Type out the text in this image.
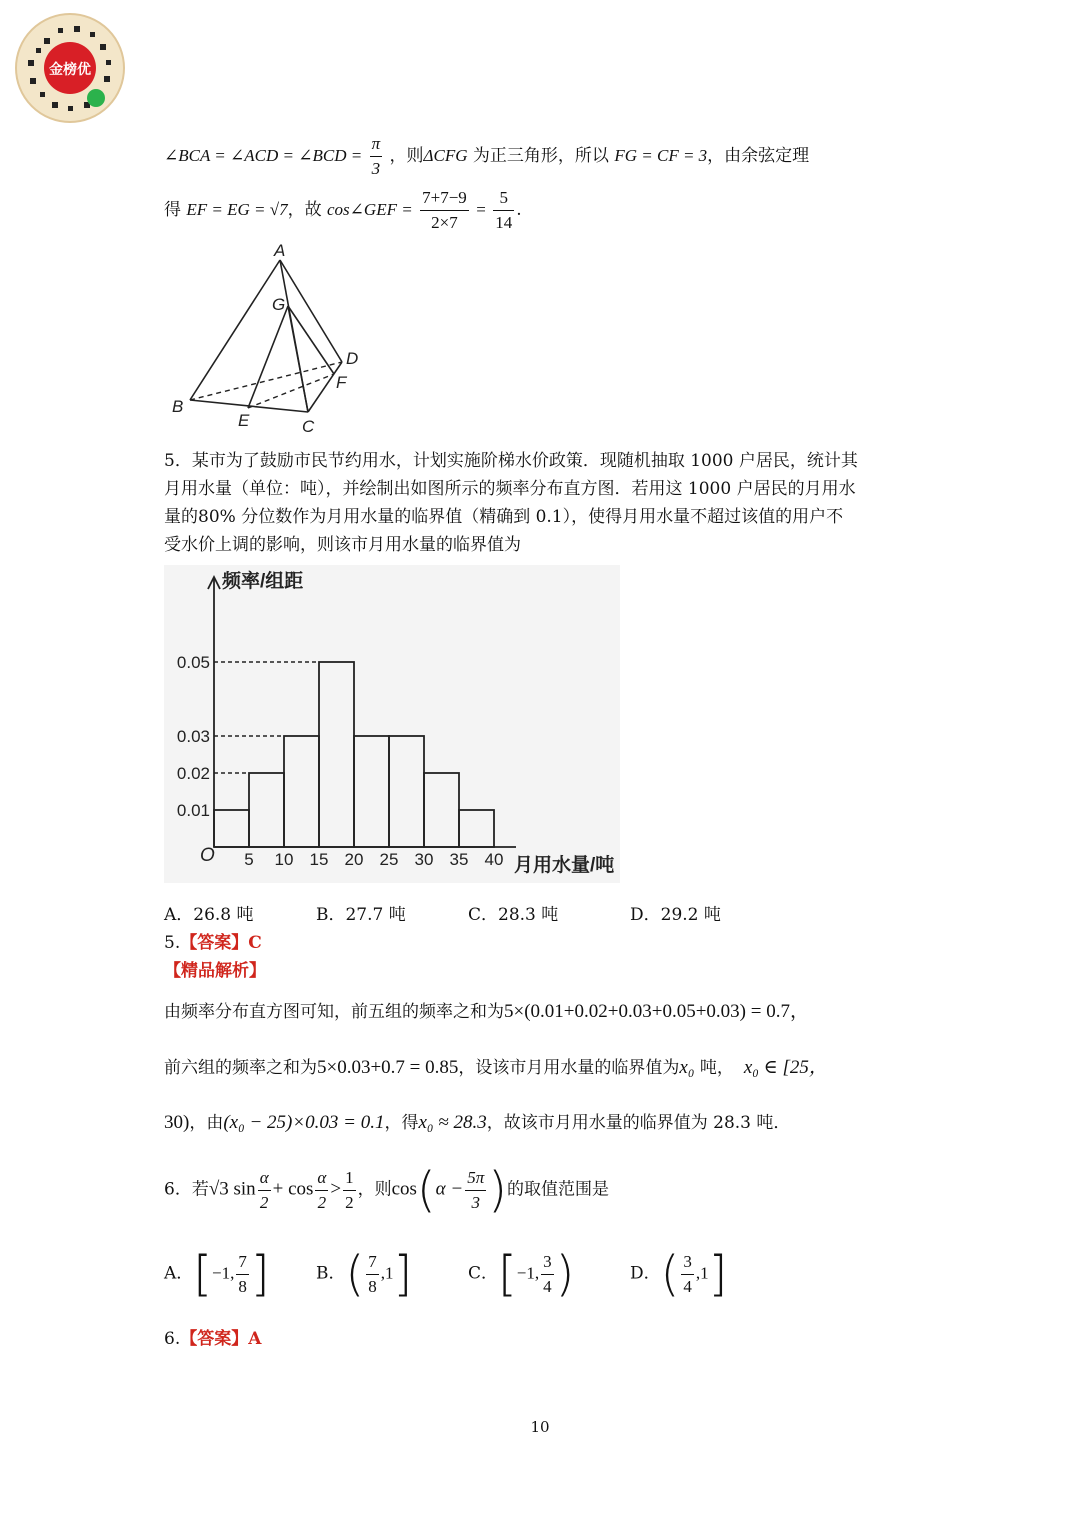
金榜优
∠BCA = ∠ACD = ∠BCD = $\frac{\pi}{3}$ ，则ΔCFG 为正三角形，所以 FG = CF = 3，由余弦定理
得 EF = EG = √7，故 cos∠GEF = $\frac{7+7-9}{2\times 7} = \frac{5}{14}$ .
A
G
D
F
B
E	C
5．某市为了鼓励市民节约用水，计划实施阶梯水价政策．现随机抽取 1000 户居民，统计其
月用水量（单位：吨），并绘制出如图所示的频率分布直方图．若用这 1000 户居民的月用水
量的80% 分位数作为月用水量的临界值（精确到 0.1），使得月用水量不超过该值的用户不
受水价上调的影响，则该市月用水量的临界值为
频率/组距
月用水量/吨
O
0.01
0.02
0.03
0.05
5 10 15 20 25 30 35 40
A．26.8 吨	B．27.7 吨	C．28.3 吨	D．29.2 吨
5.【答案】C
【精品解析】
由频率分布直方图可知，前五组的频率之和为5×(0.01+0.02+0.03+0.05+0.03) = 0.7，
前六组的频率之和为5×0.03+0.7 = 0.85，设该市月用水量的临界值为x₀ 吨， x₀ ∈ [25，
30)，由(x₀ − 25)×0.03 = 0.1，得x₀ ≈ 28.3，故该市月用水量的临界值为 28.3 吨．
6．若√3 $\sin \frac{\alpha}{2} + \cos \frac{\alpha}{2} > \frac{1}{2}$ ，则$\cos(\alpha - \frac{5\pi}{3}$ )的取值范围是
A．[−1, $\frac{7}{8}$ ]	B．( $\frac{7}{8} ,1$]	C．[−1, $\frac{3}{4}$ )	D．( $\frac{3}{4} ,1$]
6.【答案】A
10
